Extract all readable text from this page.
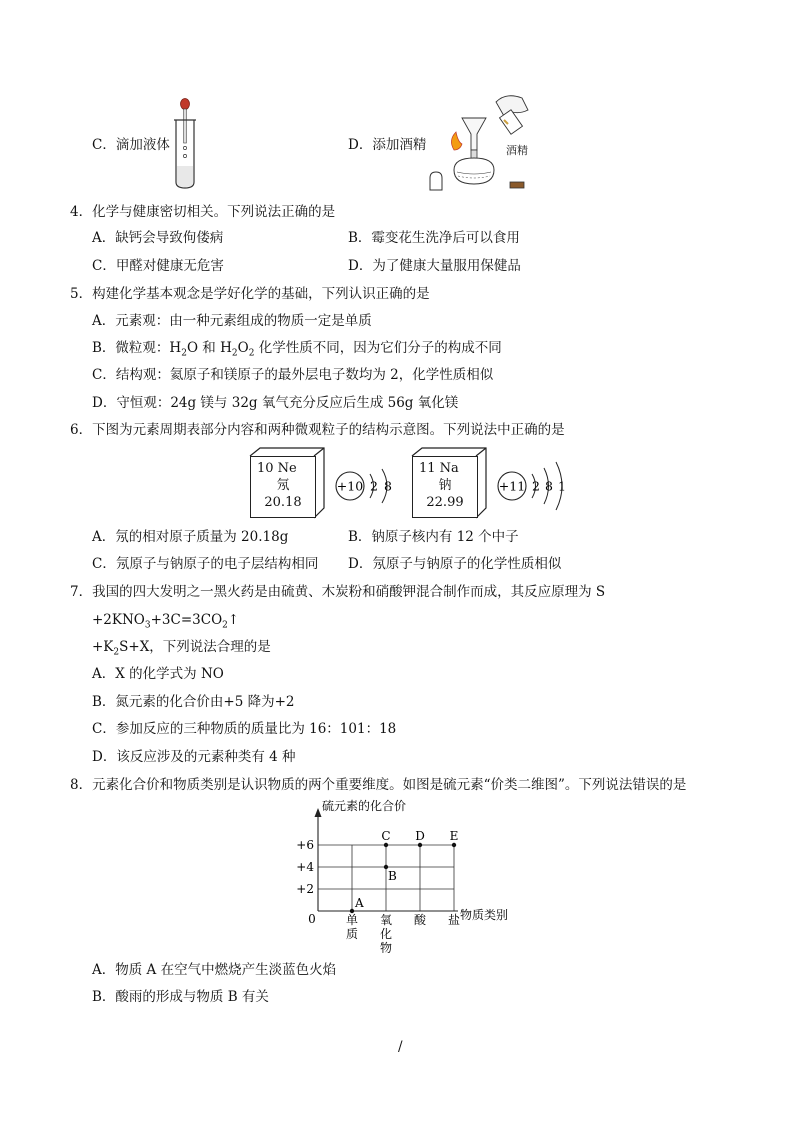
C．滴加液体	D．添加酒精	酒精
4．化学与健康密切相关。下列说法正确的是
A．缺钙会导致佝偻病	B．霉变花生洗净后可以食用
C．甲醛对健康无危害	D．为了健康大量服用保健品
5．构建化学基本观念是学好化学的基础，下列认识正确的是
A．元素观：由一种元素组成的物质一定是单质
B．微粒观：$H_2O$ 和 $H_2O_2$ 化学性质不同，因为它们分子的构成不同
C．结构观：氦原子和镁原子的最外层电子数均为 2，化学性质相似
D．守恒观：24g 镁与 32g 氧气充分反应后生成 56g 氧化镁
6．下图为元素周期表部分内容和两种微观粒子的结构示意图。下列说法中正确的是
10 Ne
氖
20.18
+10 2 8
11 Na
钠
22.99
+11 2 8 1
A．氖的相对原子质量为 20.18g	B．钠原子核内有 12 个中子
C．氖原子与钠原子的电子层结构相同 D．氖原子与钠原子的化学性质相似
7．我国的四大发明之一黑火药是由硫黄、木炭粉和硝酸钾混合制作而成，其反应原理为 S
$+2KNO_3+3C=3CO_2↑$
$+K_2S+X$，下列说法合理的是
A．X 的化学式为 NO
B．氮元素的化合价由+5 降为+2
C．参加反应的三种物质的质量比为 16：101：18
D．该反应涉及的元素种类有 4 种
8．元素化合价和物质类别是认识物质的两个重要维度。如图是硫元素“价类二维图”。下列说法错误的是
硫元素的化合价
物质类别
0
+2
+4
+6
单
质
氧
化
物
酸 盐
A
B
C D E
A．物质 A 在空气中燃烧产生淡蓝色火焰
B．酸雨的形成与物质 B 有关
/
